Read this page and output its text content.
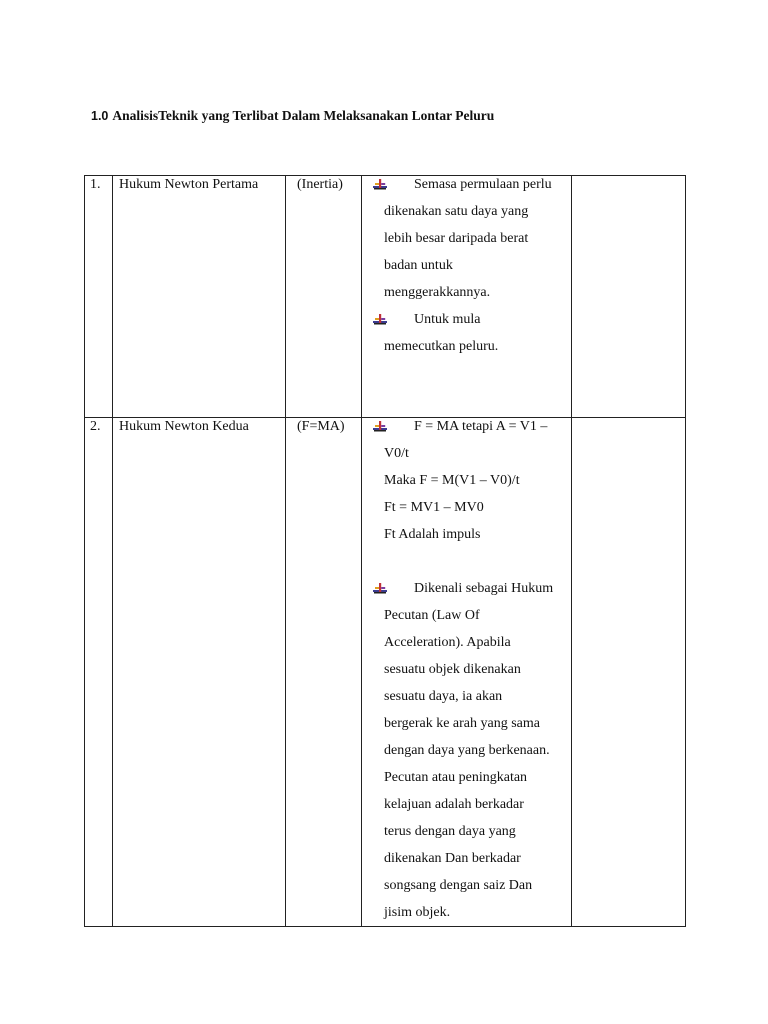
1.0 AnalisisTeknik yang Terlibat Dalam Melaksanakan Lontar Peluru
1. Hukum Newton Pertama	(Inertia)	Semasa permulaan perlu
dikenakan satu daya yang
lebih besar daripada berat
badan untuk
menggerakkannya.
Untuk mula
memecutkan peluru.
2. Hukum Newton Kedua	(F=MA)	F = MA tetapi A = V1 –
V0/t
Maka F = M(V1 – V0)/t
Ft = MV1 – MV0
Ft Adalah impuls
Dikenali sebagai Hukum
Pecutan (Law Of
Acceleration). Apabila
sesuatu objek dikenakan
sesuatu daya, ia akan
bergerak ke arah yang sama
dengan daya yang berkenaan.
Pecutan atau peningkatan
kelajuan adalah berkadar
terus dengan daya yang
dikenakan Dan berkadar
songsang dengan saiz Dan
jisim objek.
